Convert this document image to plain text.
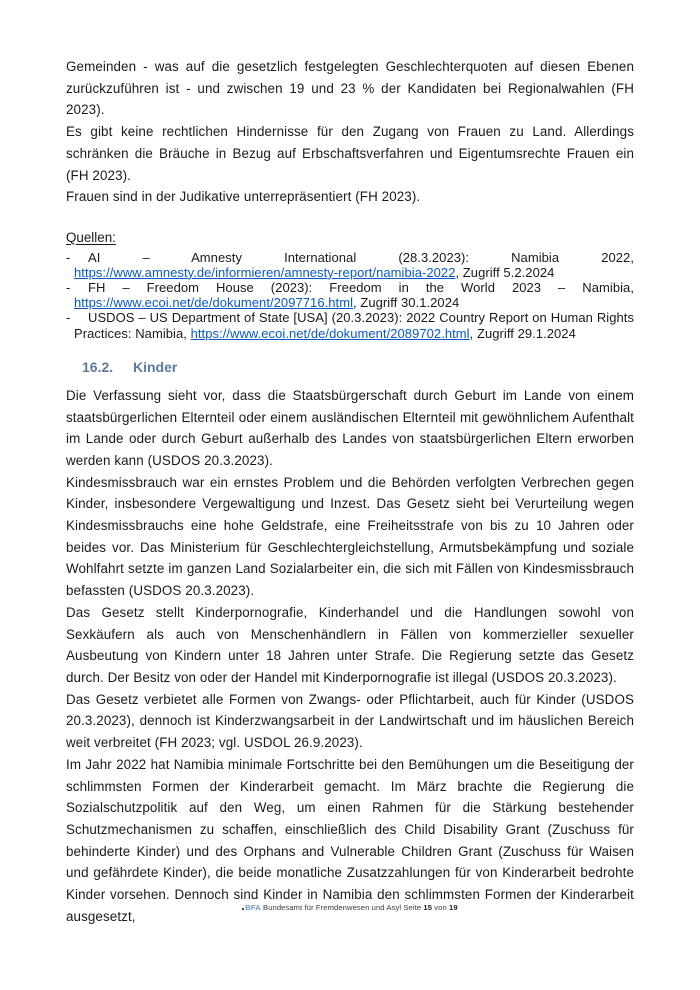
Gemeinden - was auf die gesetzlich festgelegten Geschlechterquoten auf diesen Ebenen zurückzuführen ist - und zwischen 19 und 23 % der Kandidaten bei Regionalwahlen (FH 2023).

Es gibt keine rechtlichen Hindernisse für den Zugang von Frauen zu Land. Allerdings schränken die Bräuche in Bezug auf Erbschaftsverfahren und Eigentumsrechte Frauen ein (FH 2023).

Frauen sind in der Judikative unterrepräsentiert (FH 2023).

Quellen:

- AI – Amnesty International (28.3.2023): Namibia 2022, https://www.amnesty.de/informieren/amnesty-report/namibia-2022, Zugriff 5.2.2024

- FH – Freedom House (2023): Freedom in the World 2023 – Namibia, https://www.ecoi.net/de/dokument/2097716.html, Zugriff 30.1.2024

- USDOS – US Department of State [USA] (20.3.2023): 2022 Country Report on Human Rights Practices: Namibia, https://www.ecoi.net/de/dokument/2089702.html, Zugriff 29.1.2024

16.2. Kinder

Die Verfassung sieht vor, dass die Staatsbürgerschaft durch Geburt im Lande von einem staatsbürgerlichen Elternteil oder einem ausländischen Elternteil mit gewöhnlichem Aufenthalt im Lande oder durch Geburt außerhalb des Landes von staatsbürgerlichen Eltern erworben werden kann (USDOS 20.3.2023).

Kindesmissbrauch war ein ernstes Problem und die Behörden verfolgten Verbrechen gegen Kinder, insbesondere Vergewaltigung und Inzest. Das Gesetz sieht bei Verurteilung wegen Kindesmissbrauchs eine hohe Geldstrafe, eine Freiheitsstrafe von bis zu 10 Jahren oder beides vor. Das Ministerium für Geschlechtergleichstellung, Armutsbekämpfung und soziale Wohlfahrt setzte im ganzen Land Sozialarbeiter ein, die sich mit Fällen von Kindesmissbrauch befassten (USDOS 20.3.2023).

Das Gesetz stellt Kinderpornografie, Kinderhandel und die Handlungen sowohl von Sexkäufern als auch von Menschenhändlern in Fällen von kommerzieller sexueller Ausbeutung von Kindern unter 18 Jahren unter Strafe. Die Regierung setzte das Gesetz durch. Der Besitz von oder der Handel mit Kinderpornografie ist illegal (USDOS 20.3.2023).

Das Gesetz verbietet alle Formen von Zwangs- oder Pflichtarbeit, auch für Kinder (USDOS 20.3.2023), dennoch ist Kinderzwangsarbeit in der Landwirtschaft und im häuslichen Bereich weit verbreitet (FH 2023; vgl. USDOL 26.9.2023).

Im Jahr 2022 hat Namibia minimale Fortschritte bei den Bemühungen um die Beseitigung der schlimmsten Formen der Kinderarbeit gemacht. Im März brachte die Regierung die Sozialschutzpolitik auf den Weg, um einen Rahmen für die Stärkung bestehender Schutzmechanismen zu schaffen, einschließlich des Child Disability Grant (Zuschuss für behinderte Kinder) und des Orphans and Vulnerable Children Grant (Zuschuss für Waisen und gefährdete Kinder), die beide monatliche Zusatzzahlungen für von Kinderarbeit bedrohte Kinder vorsehen. Dennoch sind Kinder in Namibia den schlimmsten Formen der Kinderarbeit ausgesetzt,

BFA Bundesamt für Fremdenwesen und Asyl Seite 15 von 19
